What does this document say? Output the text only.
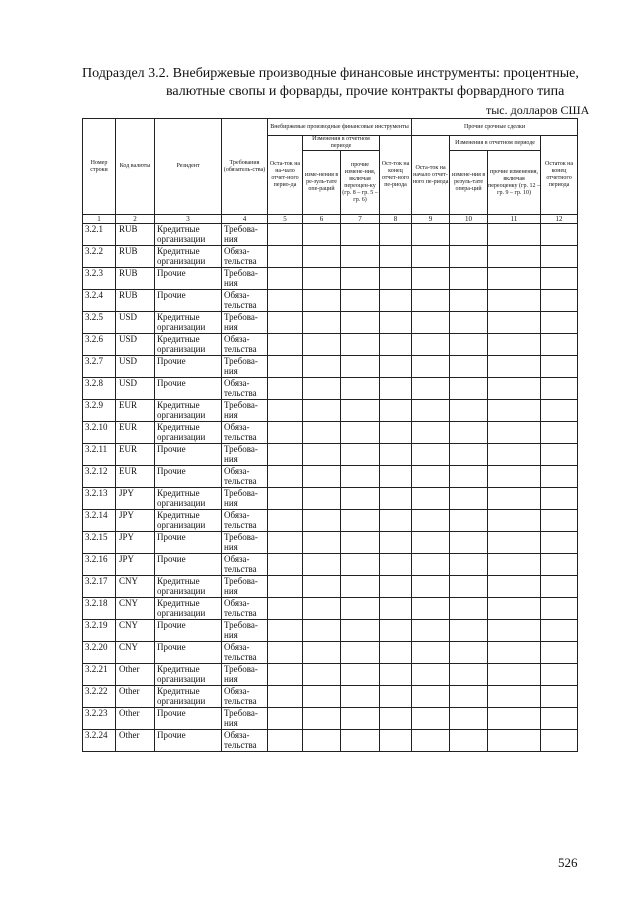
Подраздел 3.2. Внебиржевые производные финансовые инструменты: процентные,
валютные свопы и форварды, прочие контракты форвардного типа
тыс. долларов США
Номер строки	Код валюты	Резидент	Требования (обязатель-ства)	Внебиржевые производные финансовые инструменты				Прочие срочные сделки			
				Оста-ток на на-чало отчет-ного перио-да	Изменения в отчетном периоде		Ост-ток на конец отчет-ного пе-риода	Оста-ток на начало отчет-ного пе-риода	Изменения в отчетном периоде		Остаток на конец отчетного периода
					изме-нения в ре-зуль-тате опе-раций	прочие измене-ния, включая переоцен-ку (гр. 8 – гр. 5 – гр. 6)			измене-ния в резуль-тате опера-ций	прочие изменения, включая переоценку (гр. 12 – гр. 9 – гр. 10)	
1	2	3	4	5	6	7	8	9	10	11	12
3.2.1	RUB	Кредитные организации	Требова-ния								
3.2.2	RUB	Кредитные организации	Обяза-тельства								
3.2.3	RUB	Прочие	Требова-ния								
3.2.4	RUB	Прочие	Обяза-тельства								
3.2.5	USD	Кредитные организации	Требова-ния								
3.2.6	USD	Кредитные организации	Обяза-тельства								
3.2.7	USD	Прочие	Требова-ния								
3.2.8	USD	Прочие	Обяза-тельства								
3.2.9	EUR	Кредитные организации	Требова-ния								
3.2.10	EUR	Кредитные организации	Обяза-тельства								
3.2.11	EUR	Прочие	Требова-ния								
3.2.12	EUR	Прочие	Обяза-тельства								
3.2.13	JPY	Кредитные организации	Требова-ния								
3.2.14	JPY	Кредитные организации	Обяза-тельства								
3.2.15	JPY	Прочие	Требова-ния								
3.2.16	JPY	Прочие	Обяза-тельства								
3.2.17	CNY	Кредитные организации	Требова-ния								
3.2.18	CNY	Кредитные организации	Обяза-тельства								
3.2.19	CNY	Прочие	Требова-ния								
3.2.20	CNY	Прочие	Обяза-тельства								
3.2.21	Other	Кредитные организации	Требова-ния								
3.2.22	Other	Кредитные организации	Обяза-тельства								
3.2.23	Other	Прочие	Требова-ния								
3.2.24	Other	Прочие	Обяза-тельства								
526
